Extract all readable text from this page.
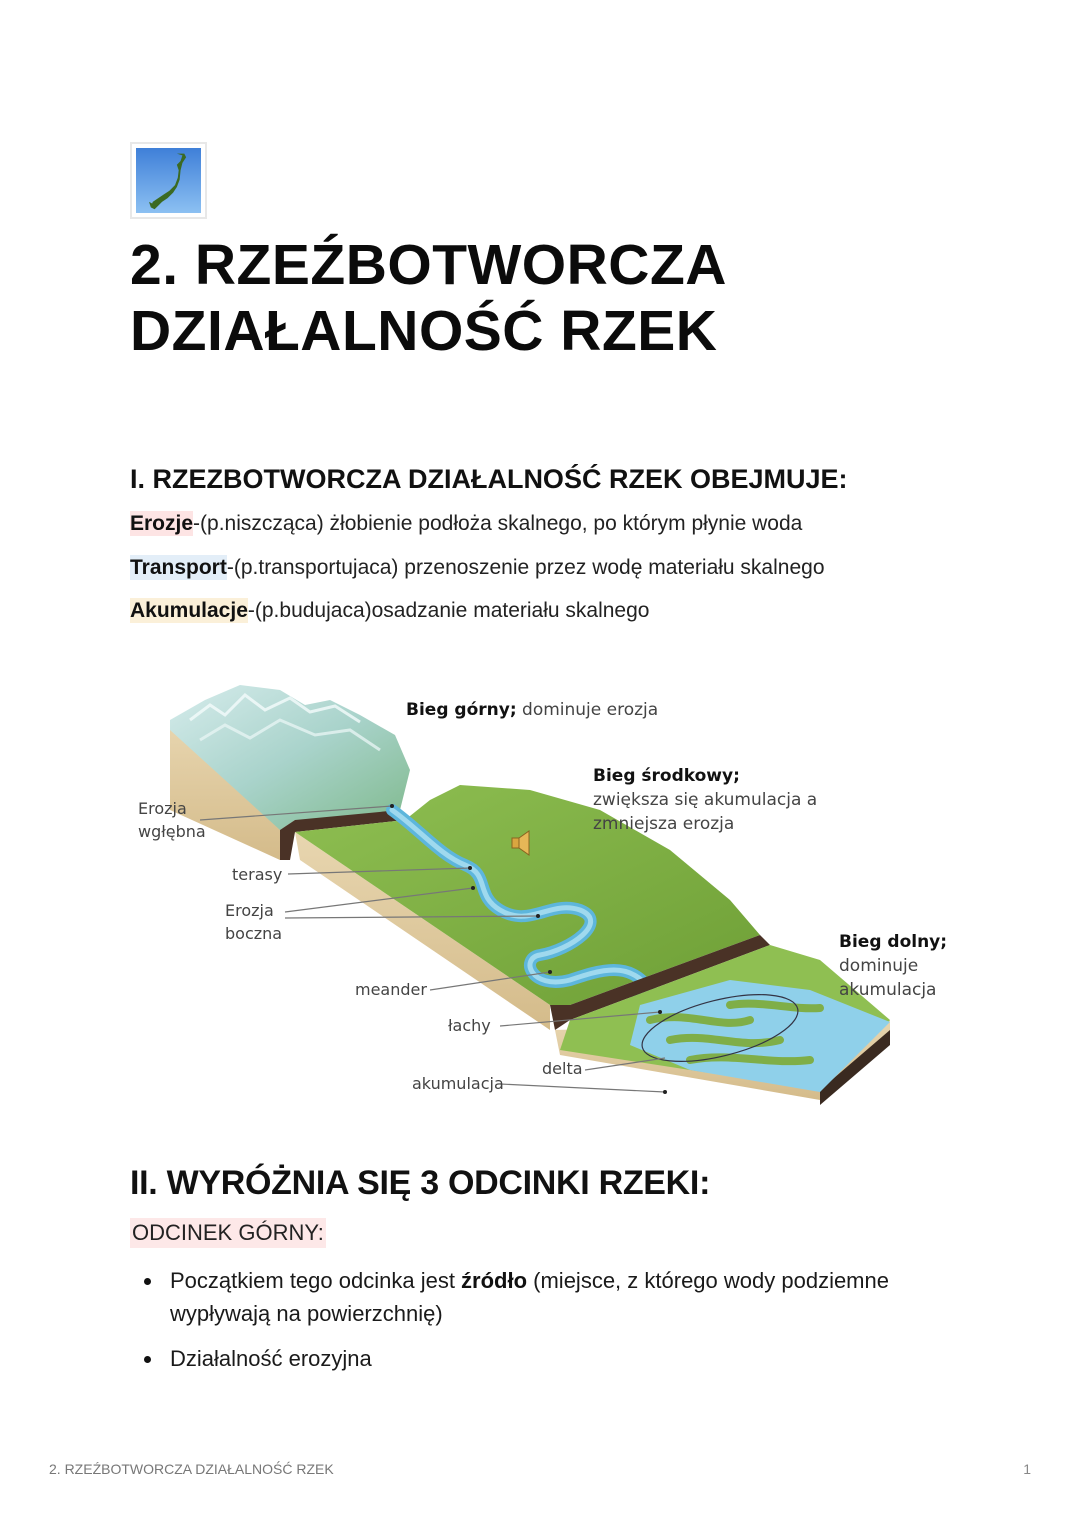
2. RZEŹBOTWORCZA
DZIAŁALNOŚĆ RZEK
I. RZEZBOTWORCZA DZIAŁALNOŚĆ RZEK OBEJMUJE:
Erozje-(p.niszcząca) żłobienie podłoża skalnego, po którym płynie woda
Transport-(p.transportujaca) przenoszenie przez wodę materiału skalnego
Akumulacje-(p.budujaca)osadzanie materiału skalnego
Bieg górny; dominuje erozja
Bieg środkowy;
zwiększa się akumulacja a
zmniejsza erozja
Bieg dolny;
dominuje
akumulacja
Erozja
wgłębna
terasy
Erozja
boczna
meander
łachy
delta
akumulacja
II. WYRÓŻNIA SIĘ 3 ODCINKI RZEKI:
ODCINEK GÓRNY:
Początkiem tego odcinka jest źródło (miejsce, z którego wody podziemne wypływają na powierzchnię)
Działalność erozyjna
2. RZEŹBOTWORCZA DZIAŁALNOŚĆ RZEK	1
